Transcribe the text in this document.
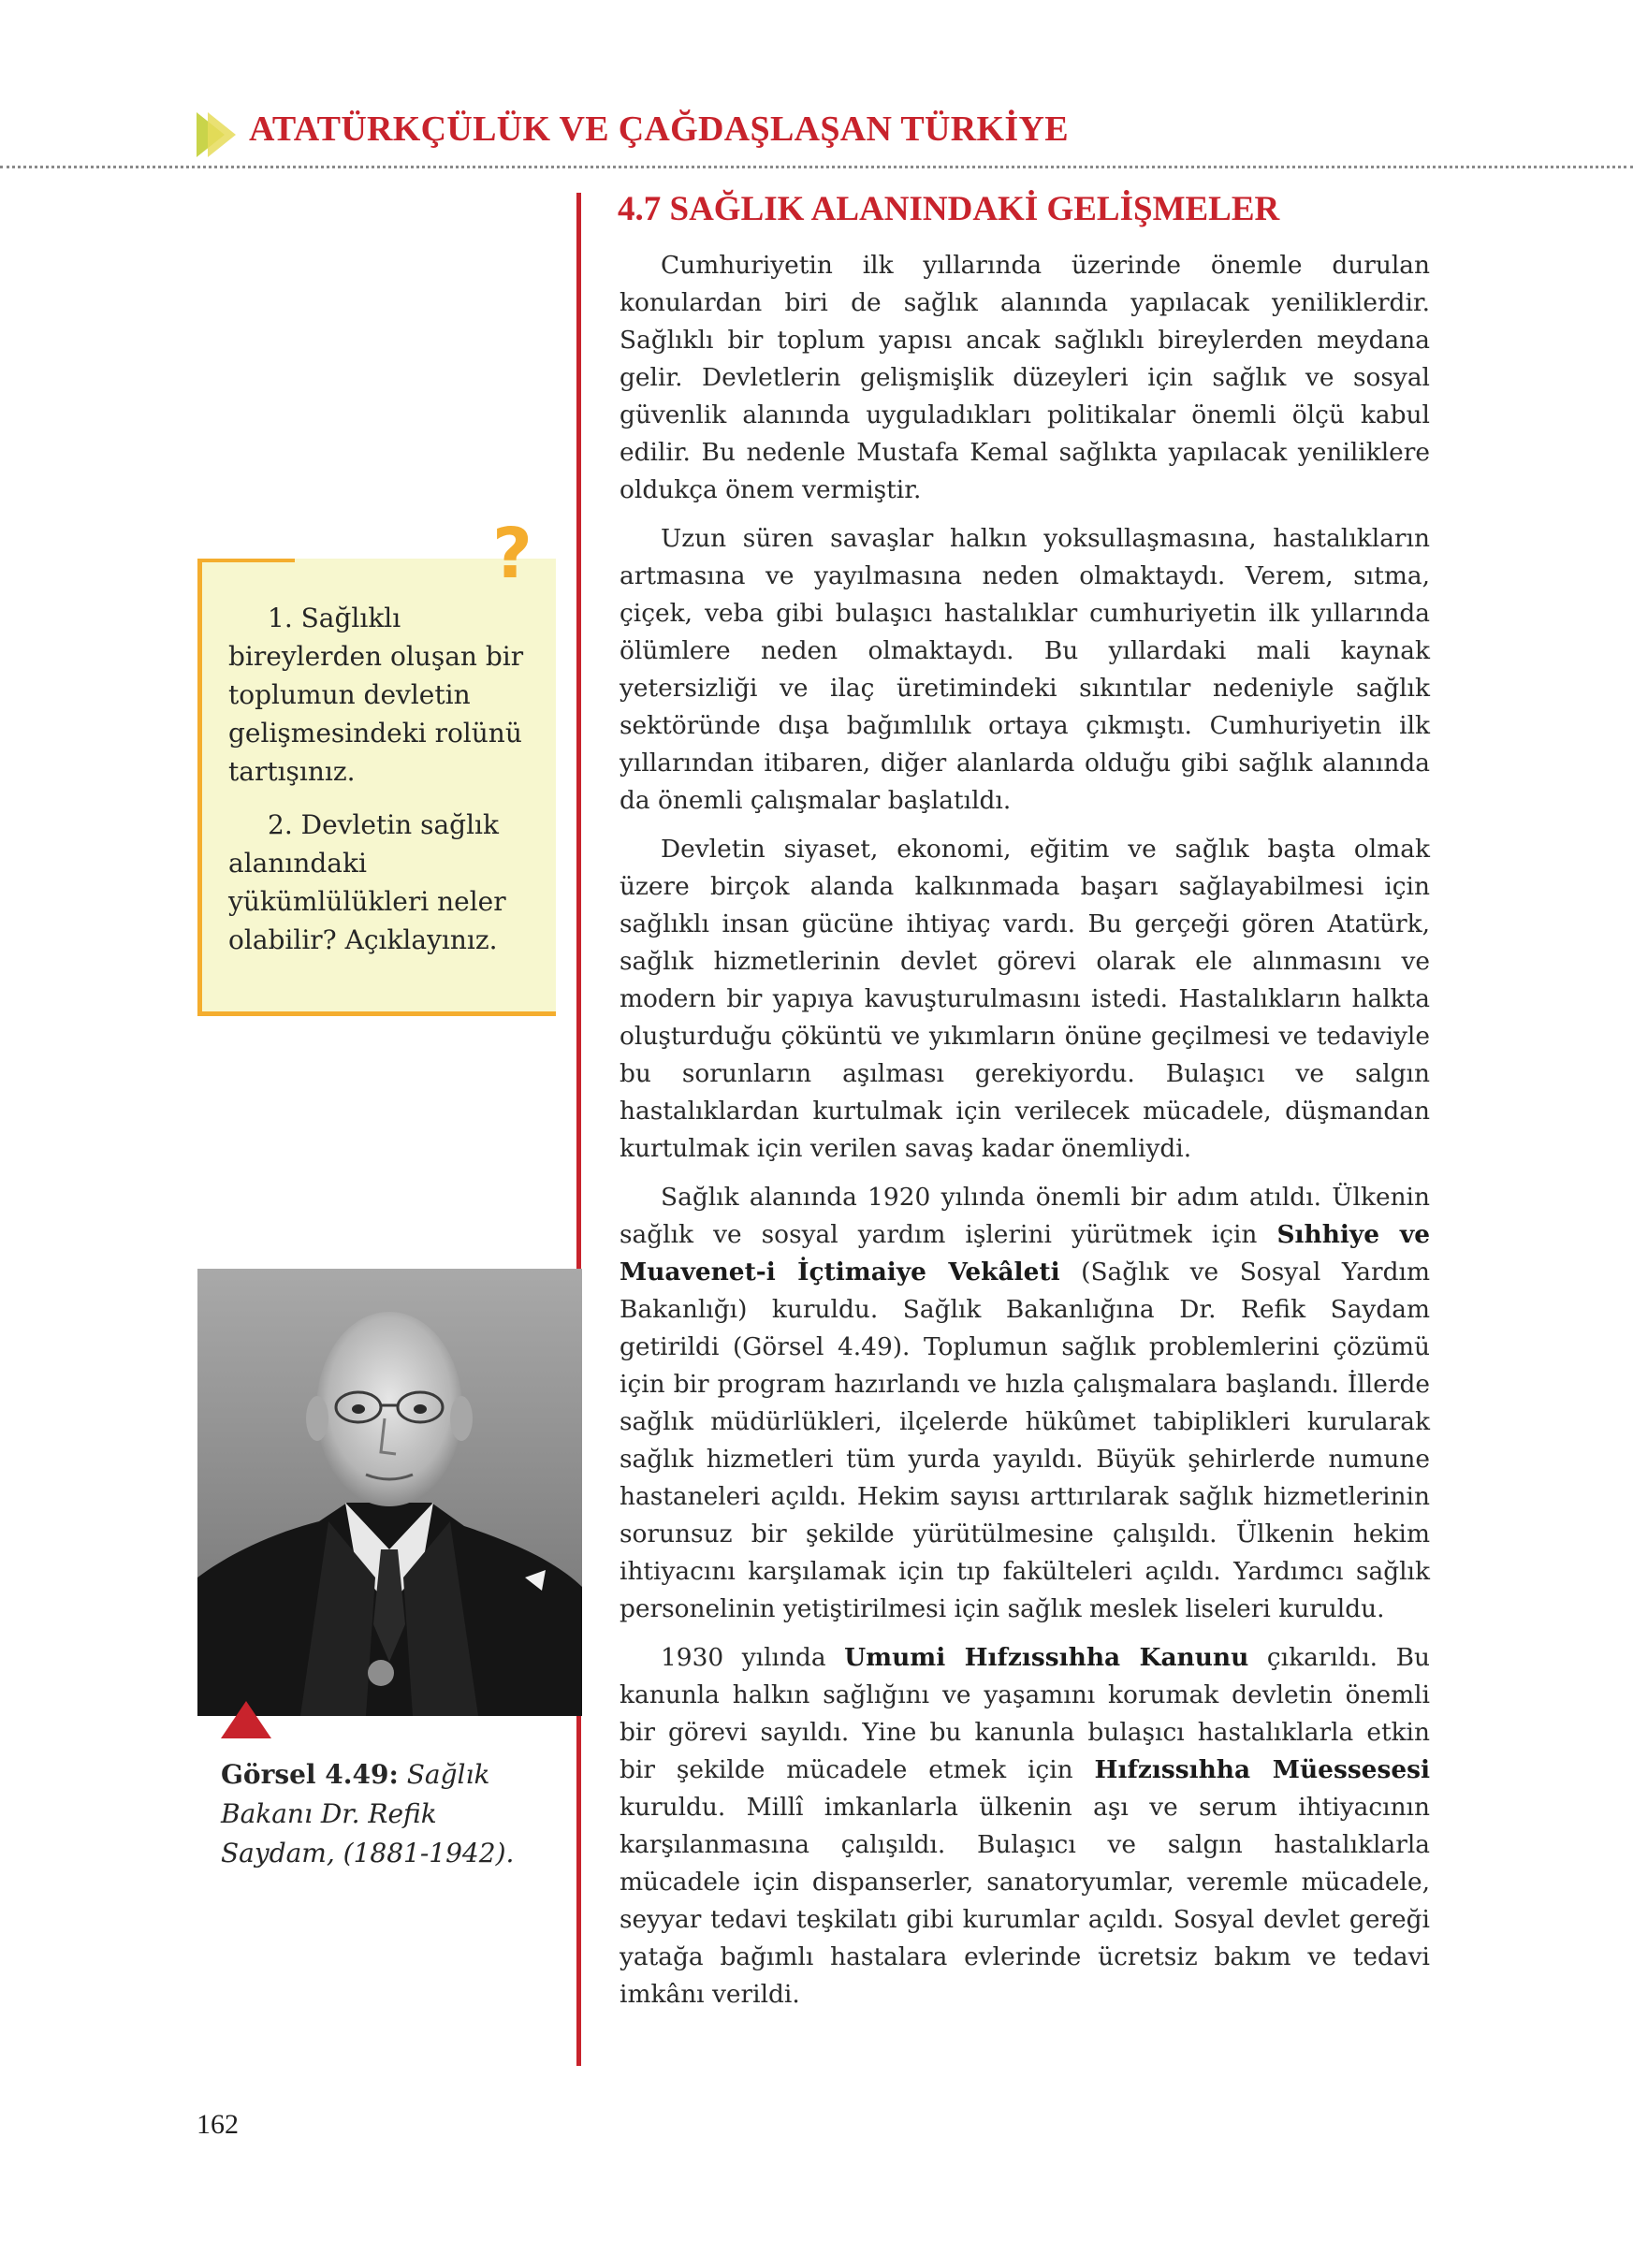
ATATÜRKÇÜLÜK VE ÇAĞDAŞLAŞAN TÜRKİYE
4.7 SAĞLIK ALANINDAKİ GELİŞMELER

Cumhuriyetin ilk yıllarında üzerinde önemle durulan konulardan biri de sağlık alanında yapılacak yeniliklerdir. Sağlıklı bir toplum yapısı ancak sağlıklı bireylerden meydana gelir. Devletlerin gelişmişlik düzeyleri için sağlık ve sosyal güvenlik alanında uyguladıkları politikalar önemli ölçü kabul edilir. Bu nedenle Mustafa Kemal sağlıkta yapılacak yeniliklere oldukça önem vermiştir.

Uzun süren savaşlar halkın yoksullaşmasına, hastalıkların artmasına ve yayılmasına neden olmaktaydı. Verem, sıtma, çiçek, veba gibi bulaşıcı hastalıklar cumhuriyetin ilk yıllarında ölümlere neden olmaktaydı. Bu yıllardaki mali kaynak yetersizliği ve ilaç üretimindeki sıkıntılar nedeniyle sağlık sektöründe dışa bağımlılık ortaya çıkmıştı. Cumhuriyetin ilk yıllarından itibaren, diğer alanlarda olduğu gibi sağlık alanında da önemli çalışmalar başlatıldı.

Devletin siyaset, ekonomi, eğitim ve sağlık başta olmak üzere birçok alanda kalkınmada başarı sağlayabilmesi için sağlıklı insan gücüne ihtiyaç vardı. Bu gerçeği gören Atatürk, sağlık hizmetlerinin devlet görevi olarak ele alınmasını ve modern bir yapıya kavuşturulmasını istedi. Hastalıkların halkta oluşturduğu çöküntü ve yıkımların önüne geçilmesi ve tedaviyle bu sorunların aşılması gerekiyordu. Bulaşıcı ve salgın hastalıklardan kurtulmak için verilecek mücadele, düşmandan kurtulmak için verilen savaş kadar önemliydi.

Sağlık alanında 1920 yılında önemli bir adım atıldı. Ülkenin sağlık ve sosyal yardım işlerini yürütmek için Sıhhiye ve Muavenet-i İçtimaiye Vekâleti (Sağlık ve Sosyal Yardım Bakanlığı) kuruldu. Sağlık Bakanlığına Dr. Refik Saydam getirildi (Görsel 4.49). Toplumun sağlık problemlerini çözümü için bir program hazırlandı ve hızla çalışmalara başlandı. İllerde sağlık müdürlükleri, ilçelerde hükûmet tabiplikleri kurularak sağlık hizmetleri tüm yurda yayıldı. Büyük şehirlerde numune hastaneleri açıldı. Hekim sayısı arttırılarak sağlık hizmetlerinin sorunsuz bir şekilde yürütülmesine çalışıldı. Ülkenin hekim ihtiyacını karşılamak için tıp fakülteleri açıldı. Yardımcı sağlık personelinin yetiştirilmesi için sağlık meslek liseleri kuruldu.

1930 yılında Umumi Hıfzıssıhha Kanunu çıkarıldı. Bu kanunla halkın sağlığını ve yaşamını korumak devletin önemli bir görevi sayıldı. Yine bu kanunla bulaşıcı hastalıklarla etkin bir şekilde mücadele etmek için Hıfzıssıhha Müessesesi kuruldu. Millî imkanlarla ülkenin aşı ve serum ihtiyacının karşılanmasına çalışıldı. Bulaşıcı ve salgın hastalıklarla mücadele için dispanserler, sanatoryumlar, veremle mücadele, seyyar tedavi teşkilatı gibi kurumlar açıldı. Sosyal devlet gereği yatağa bağımlı hastalara evlerinde ücretsiz bakım ve tedavi imkânı verildi.

?

1. Sağlıklı bireylerden oluşan bir toplumun devletin gelişmesindeki rolünü tartışınız.

2. Devletin sağlık alanındaki yükümlülükleri neler olabilir? Açıklayınız.

Görsel 4.49: Sağlık Bakanı Dr. Refik Saydam, (1881-1942).
162
